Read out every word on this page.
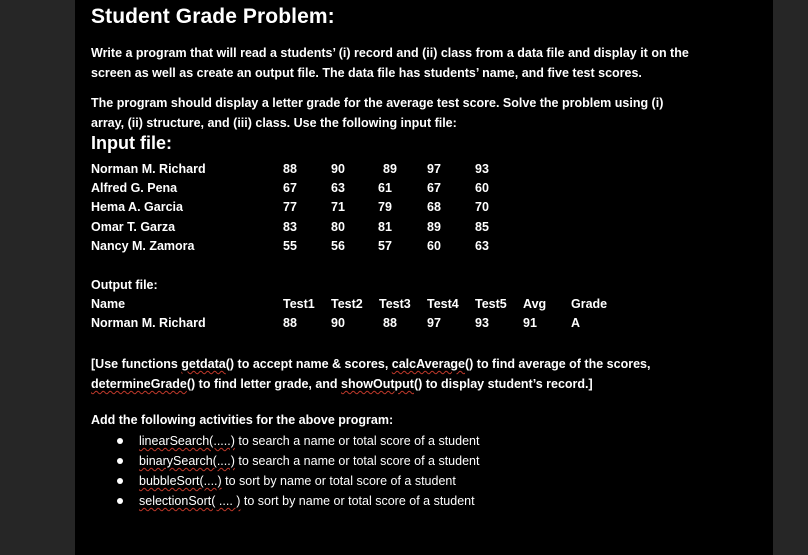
Student Grade Problem:
Write a program that will read a students’ (i) record and (ii) class from a data file and display it on the
screen as well as create an output file. The data file has students’ name, and five test scores.
The program should display a letter grade for the average test score. Solve the problem using (i)
array, (ii) structure, and (iii) class. Use the following input file:
Input file:
Norman M. Richard	88	90	89 97	93
Alfred G. Pena	67	63	61	67	60
Hema A. Garcia	77	71	79	68	70
Omar T. Garza	83	80	81	89	85
Nancy M. Zamora	55	56	57	60	63
Output file:
Name	Test1 Test2 Test3 Test4 Test5 Avg Grade
Norman M. Richard	88	90	88 97	93	91	A
[Use functions getdata() to accept name & scores, calcAverage() to find average of the scores,
determineGrade() to find letter grade, and showOutput() to display student’s record.]
Add the following activities for the above program:
linearSearch(.....) to search a name or total score of a student
binarySearch(....) to search a name or total score of a student
bubbleSort(....) to sort by name or total score of a student
selectionSort( .... ) to sort by name or total score of a student
